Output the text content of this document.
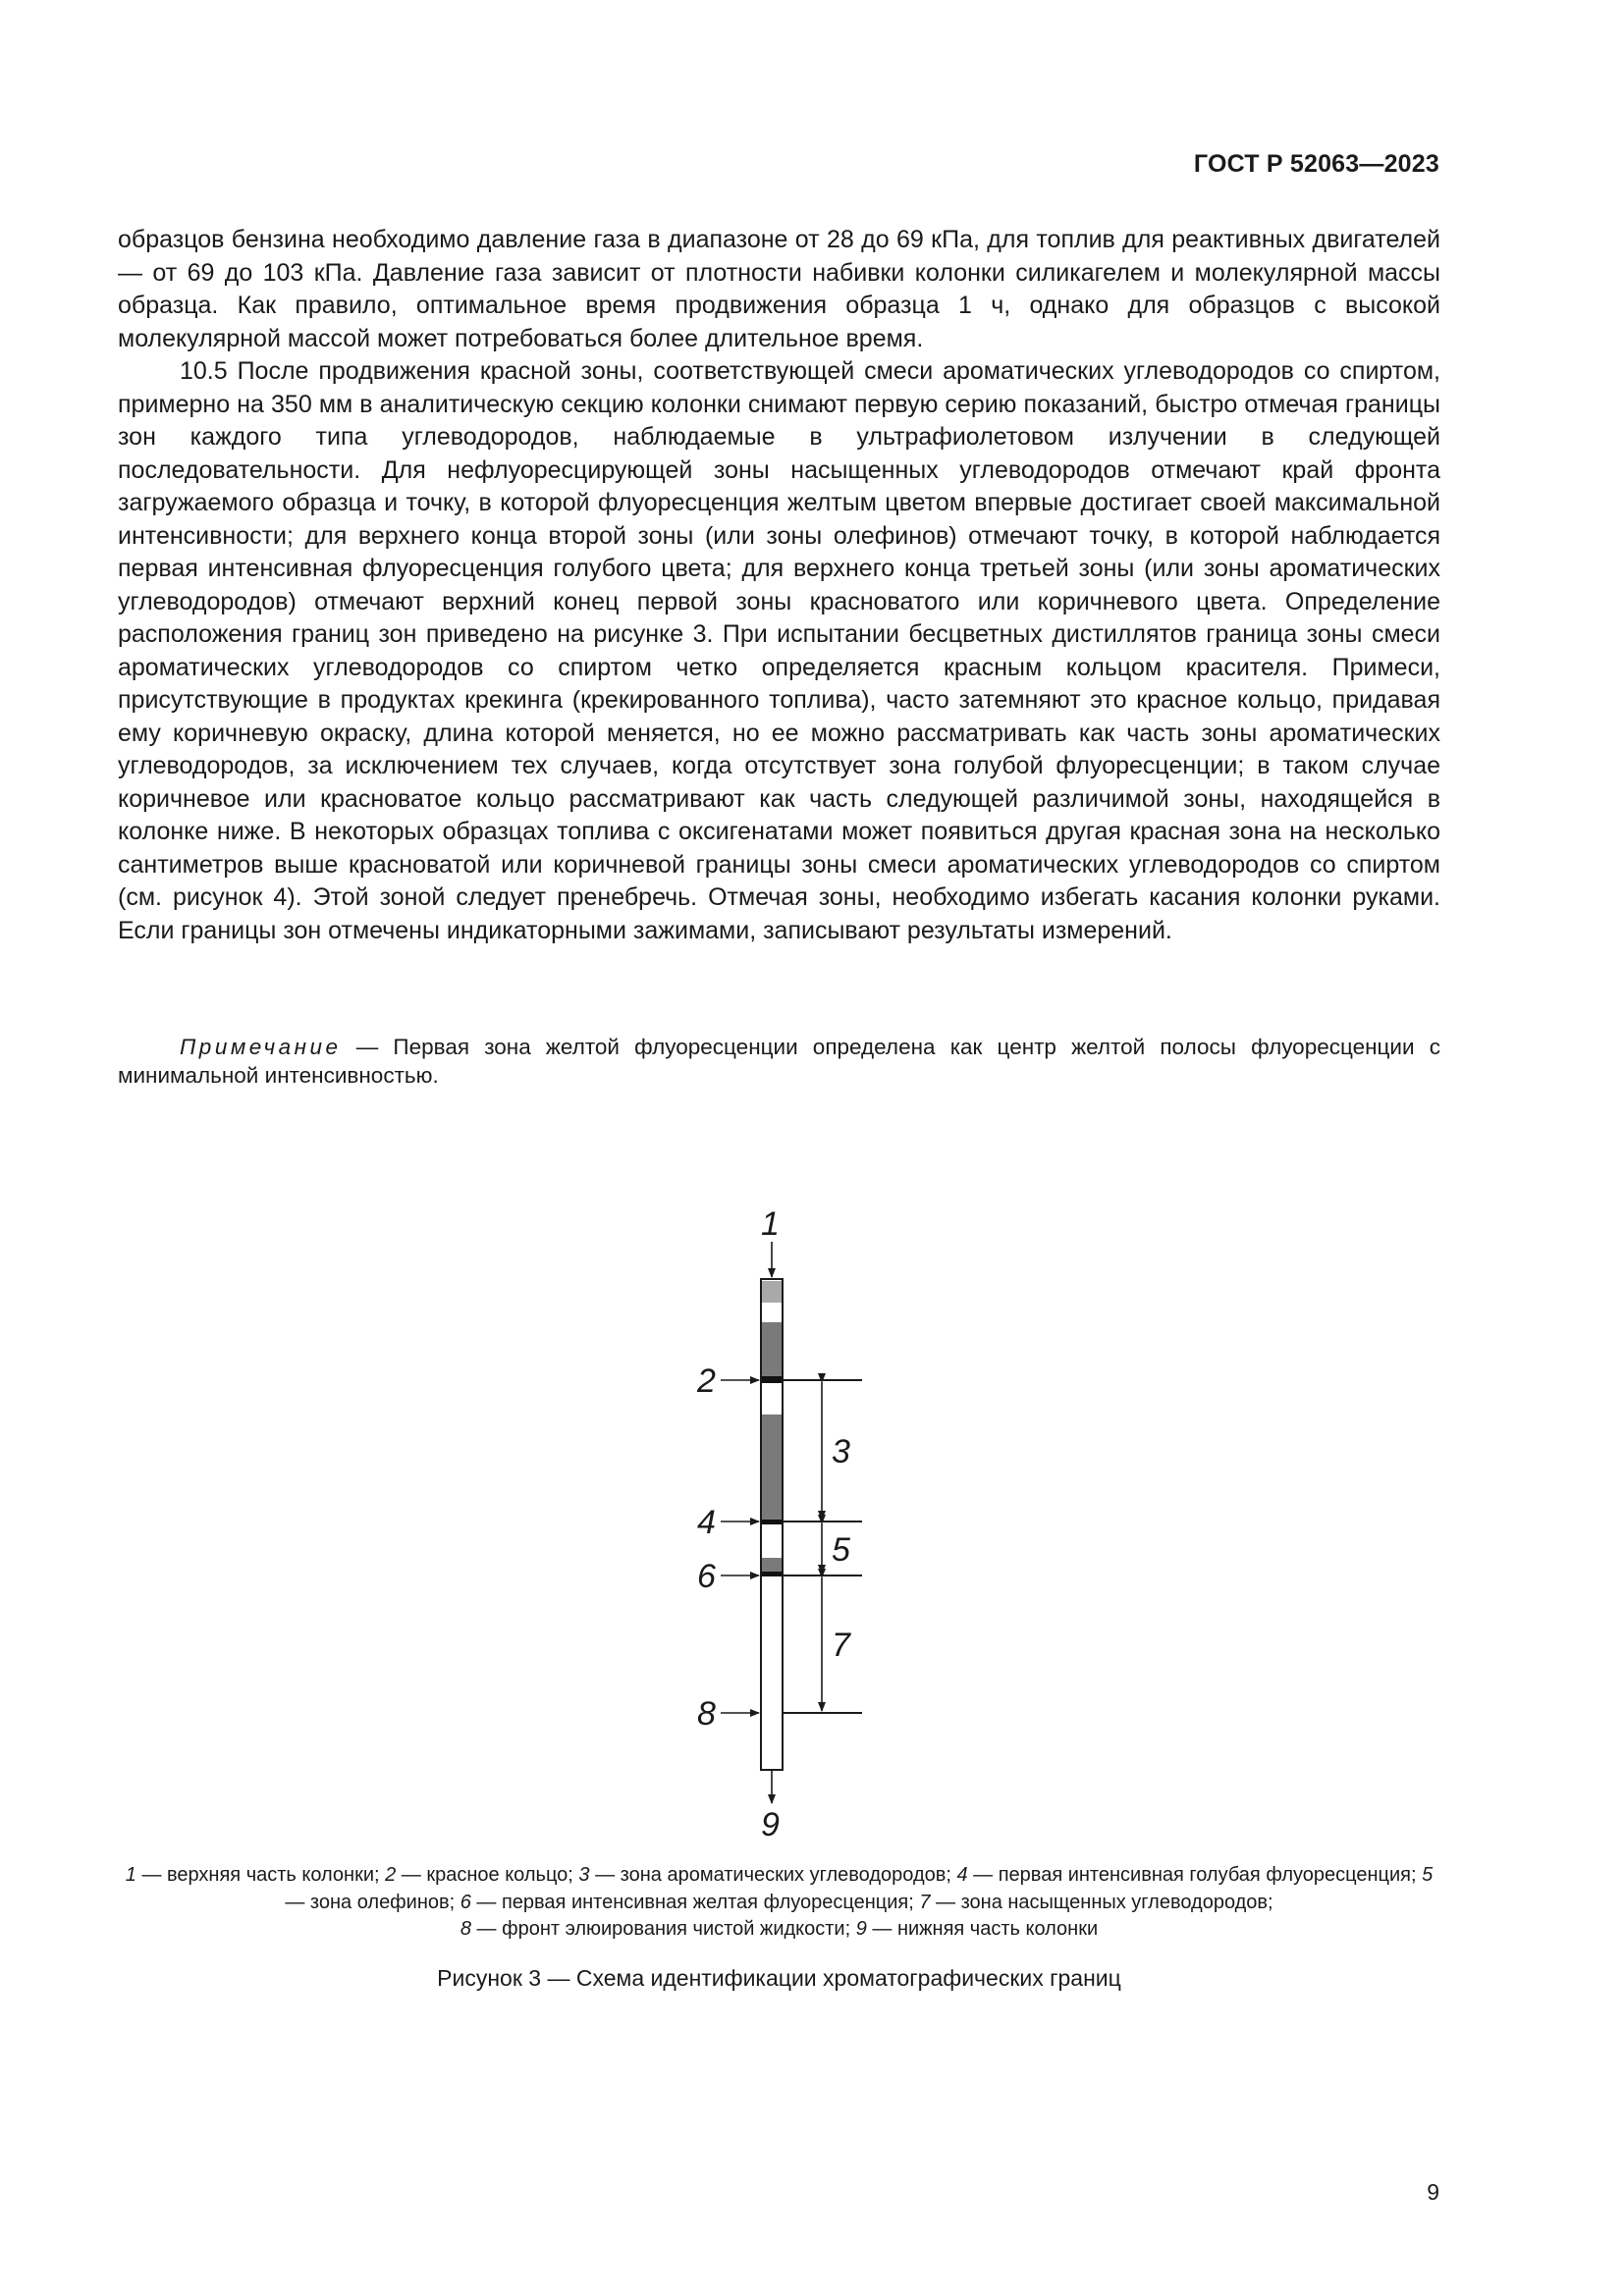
ГОСТ Р 52063—2023

образцов бензина необходимо давление газа в диапазоне от 28 до 69 кПа, для топлив для реактивных двигателей — от 69 до 103 кПа. Давление газа зависит от плотности набивки колонки силикагелем и молекулярной массы образца. Как правило, оптимальное время продвижения образца 1 ч, однако для образцов с высокой молекулярной массой может потребоваться более длительное время.

10.5 После продвижения красной зоны, соответствующей смеси ароматических углеводородов со спиртом, примерно на 350 мм в аналитическую секцию колонки снимают первую серию показаний, быстро отмечая границы зон каждого типа углеводородов, наблюдаемые в ультрафиолетовом излучении в следующей последовательности. Для нефлуоресцирующей зоны насыщенных углеводородов отмечают край фронта загружаемого образца и точку, в которой флуоресценция желтым цветом впервые достигает своей максимальной интенсивности; для верхнего конца второй зоны (или зоны олефинов) отмечают точку, в которой наблюдается первая интенсивная флуоресценция голубого цвета; для верхнего конца третьей зоны (или зоны ароматических углеводородов) отмечают верхний конец первой зоны красноватого или коричневого цвета. Определение расположения границ зон приведено на рисунке 3. При испытании бесцветных дистиллятов граница зоны смеси ароматических углеводородов со спиртом четко определяется красным кольцом красителя. Примеси, присутствующие в продуктах крекинга (крекированного топлива), часто затемняют это красное кольцо, придавая ему коричневую окраску, длина которой меняется, но ее можно рассматривать как часть зоны ароматических углеводородов, за исключением тех случаев, когда отсутствует зона голубой флуоресценции; в таком случае коричневое или красноватое кольцо рассматривают как часть следующей различимой зоны, находящейся в колонке ниже. В некоторых образцах топлива с оксигенатами может появиться другая красная зона на несколько сантиметров выше красноватой или коричневой границы зоны смеси ароматических углеводородов со спиртом (см. рисунок 4). Этой зоной следует пренебречь. Отмечая зоны, необходимо избегать касания колонки руками. Если границы зон отмечены индикаторными зажимами, записывают результаты измерений.

Примечание — Первая зона желтой флуоресценции определена как центр желтой полосы флуоресценции с минимальной интенсивностью.
1
2
3
4
5
6
7
8
9
1 — верхняя часть колонки; 2 — красное кольцо; 3 — зона ароматических углеводородов; 4 — первая интенсивная голубая флуоресценция; 5 — зона олефинов; 6 — первая интенсивная желтая флуоресценция; 7 — зона насыщенных углеводородов;
8 — фронт элюирования чистой жидкости; 9 — нижняя часть колонки
Рисунок 3 — Схема идентификации хроматографических границ
9
